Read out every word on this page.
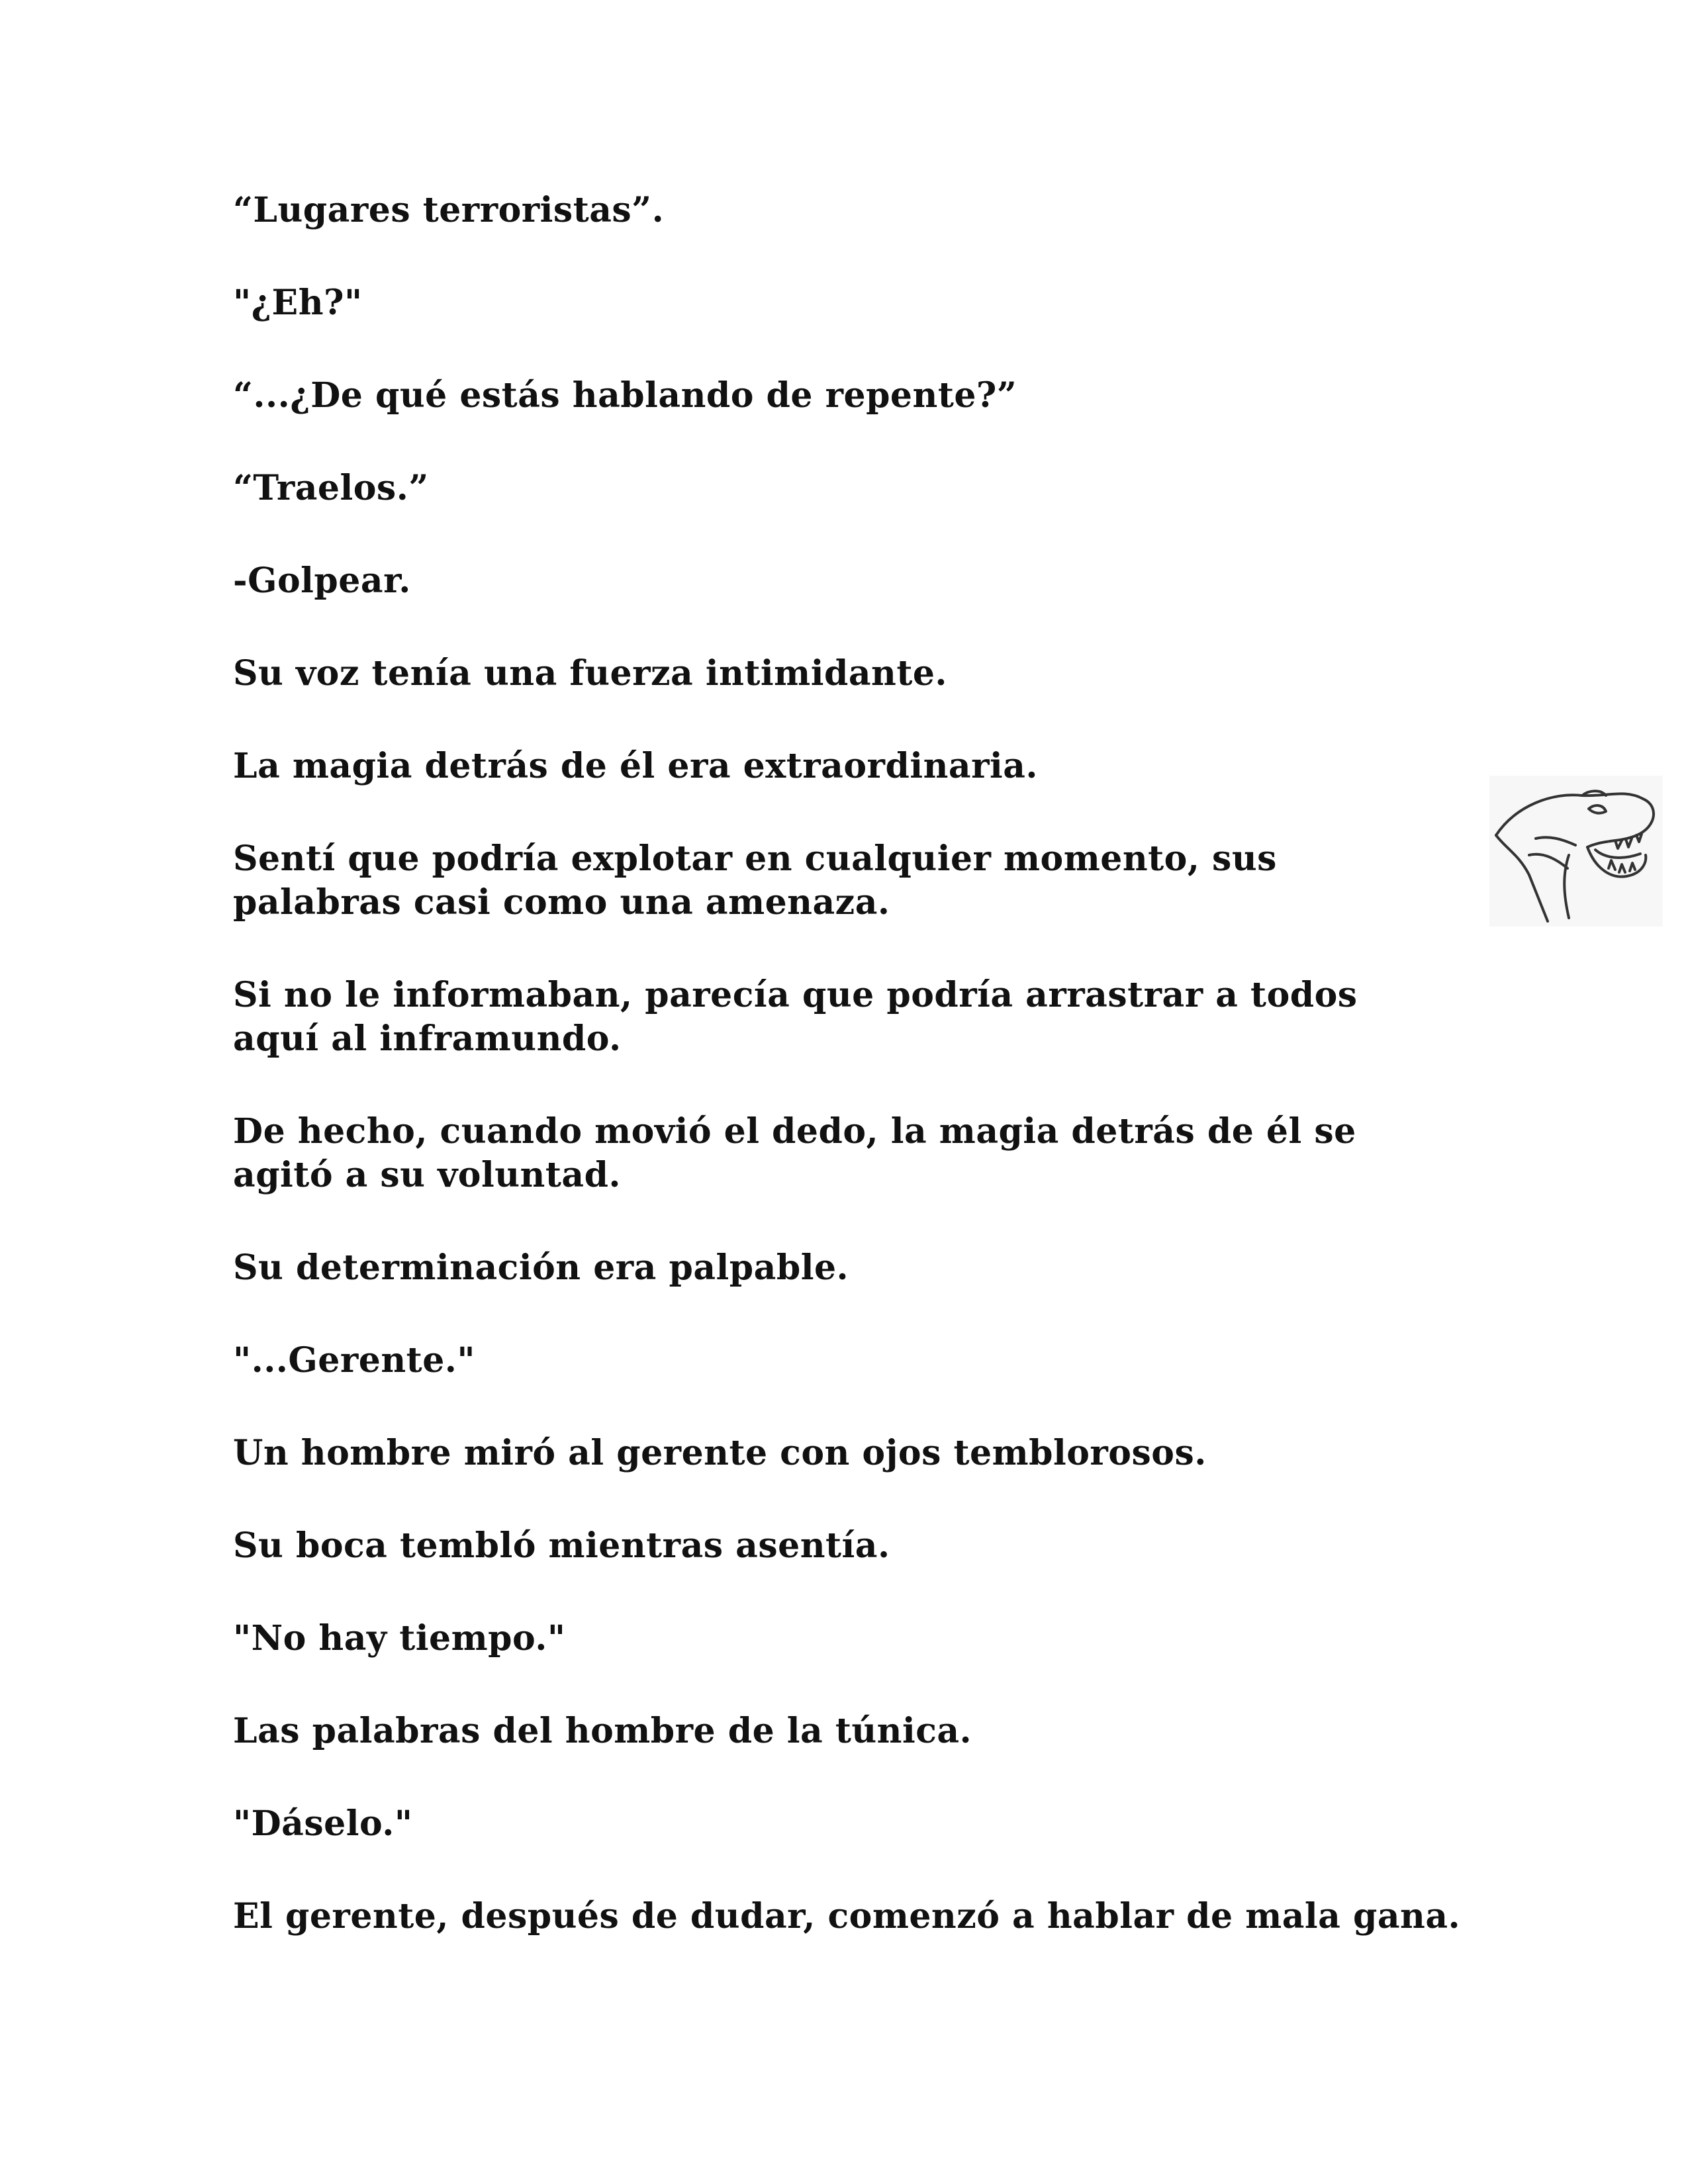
“Lugares terroristas”.

"¿Eh?"

“...¿De qué estás hablando de repente?”

“Traelos.”

-Golpear.

Su voz tenía una fuerza intimidante.

La magia detrás de él era extraordinaria.

Sentí que podría explotar en cualquier momento, sus
palabras casi como una amenaza.

Si no le informaban, parecía que podría arrastrar a todos
aquí al inframundo.

De hecho, cuando movió el dedo, la magia detrás de él se
agitó a su voluntad.

Su determinación era palpable.

"...Gerente."

Un hombre miró al gerente con ojos temblorosos.

Su boca tembló mientras asentía.

"No hay tiempo."

Las palabras del hombre de la túnica.

"Dáselo."

El gerente, después de dudar, comenzó a hablar de mala gana.
